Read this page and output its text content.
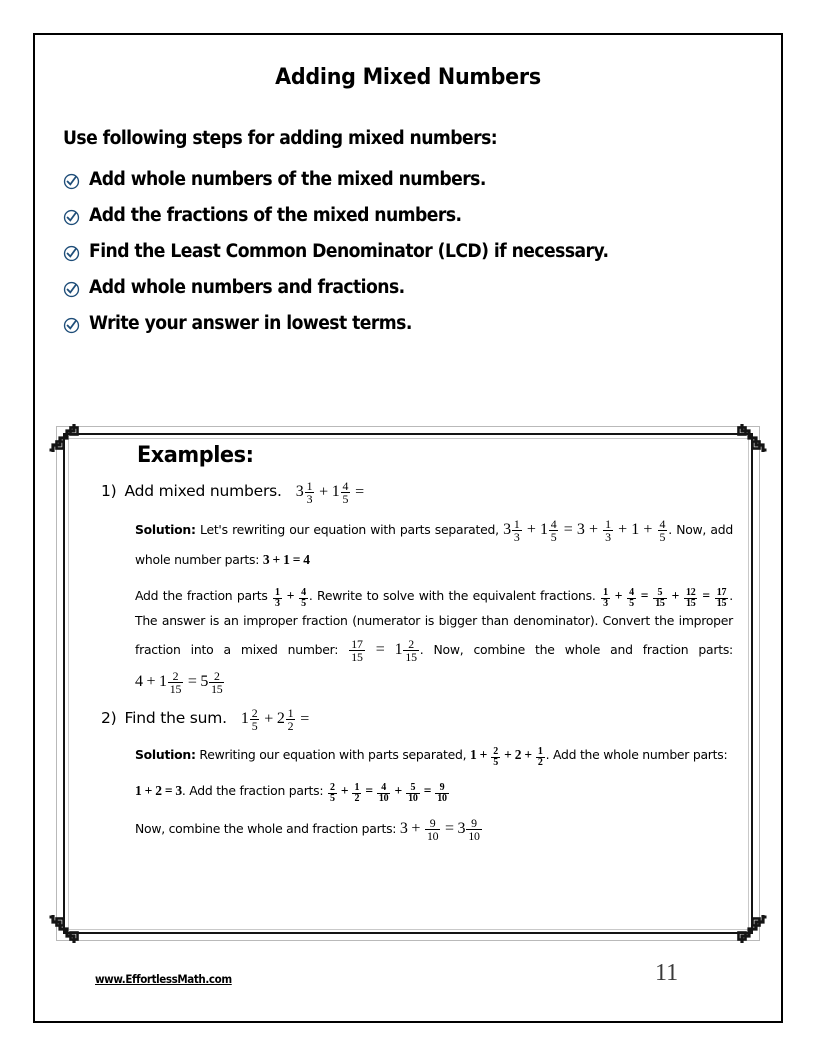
Adding Mixed Numbers
Use following steps for adding mixed numbers:
Add whole numbers of the mixed numbers.
Add the fractions of the mixed numbers.
Find the Least Common Denominator (LCD) if necessary.
Add whole numbers and fractions.
Write your answer in lowest terms.
Examples:
1) Add mixed numbers. $3 \frac{1}{3} + 1 \frac{4}{5}$ =

Solution: Let's rewriting our equation with parts separated, $3 \frac{1}{3} + 1 \frac{4}{5} = 3 + \frac{1}{3} + 1 + \frac{4}{5}$ . Now, add whole number parts: 3 + 1 = 4

Add the fraction parts $\frac{1}{3} + \frac{4}{5}$ . Rewrite to solve with the equivalent fractions. $\frac{1}{3} + \frac{4}{5} = \frac{5}{15} + \frac{12}{15} = \frac{17}{15}$ . The answer is an improper fraction (numerator is bigger than denominator). Convert the improper fraction into a mixed number: $\frac{17}{15} = 1 \frac{2}{15}$ . Now, combine the whole and fraction parts: $4 + 1 \frac{2}{15} = 5 \frac{2}{15}$

2) Find the sum. $1 \frac{2}{5} + 2 \frac{1}{2}$ =

Solution: Rewriting our equation with parts separated, $1 + \frac{2}{5} + 2 + \frac{1}{2}$ . Add the whole number parts:

1 + 2 = 3. Add the fraction parts: $\frac{2}{5} + \frac{1}{2} = \frac{4}{10} + \frac{5}{10} = \frac{9}{10}$

Now, combine the whole and fraction parts: $3 + \frac{9}{10} = 3 \frac{9}{10}$

www.EffortlessMath.com	11
